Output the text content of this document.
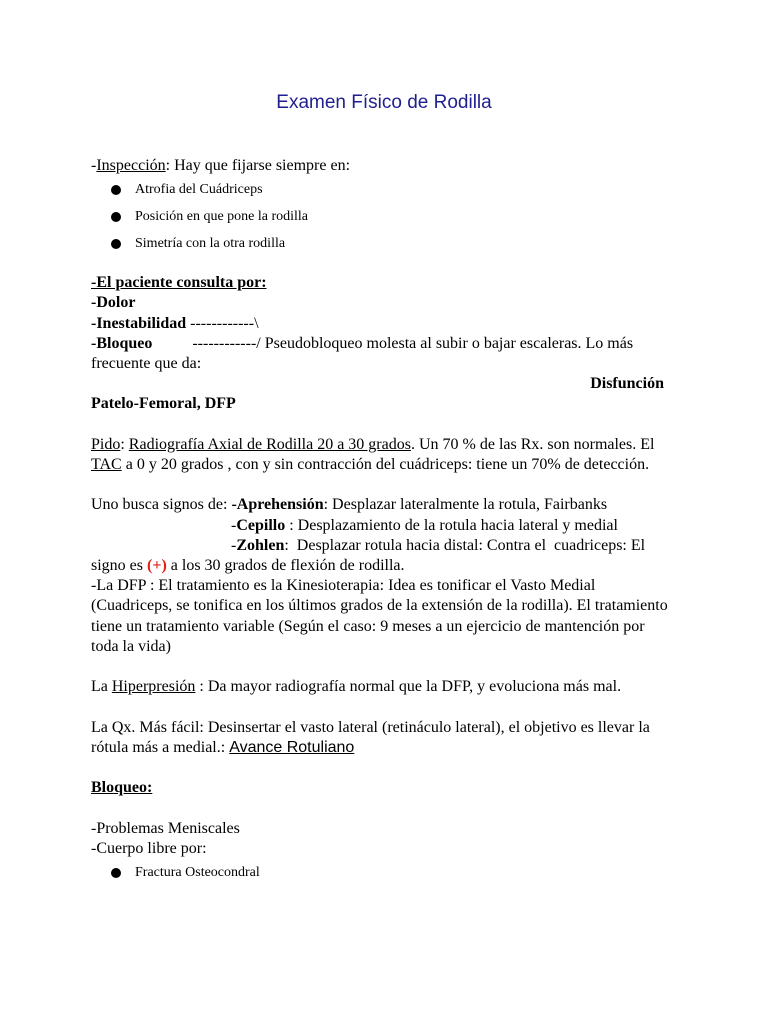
Examen Físico de Rodilla

-Inspección: Hay que fijarse siempre en:

Atrofia del Cuádriceps
Posición en que pone la rodilla
Simetría con la otra rodilla

-El paciente consulta por:

-Dolor

-Inestabilidad ------------\

-Bloqueo          ------------/ Pseudobloqueo molesta al subir o bajar escaleras. Lo más frecuente que da:

Disfunción

Patelo-Femoral, DFP

Pido: Radiografía Axial de Rodilla 20 a 30 grados. Un 70 % de las Rx. son normales. El TAC a 0 y 20 grados , con y sin contracción del cuádriceps: tiene un 70% de detección.

Uno busca signos de: -Aprehensión: Desplazar lateralmente la rotula, Fairbanks

-Cepillo : Desplazamiento de la rotula hacia lateral y medial

-Zohlen:  Desplazar rotula hacia distal: Contra el  cuadriceps: El

signo es (+) a los 30 grados de flexión de rodilla.

-La DFP : El tratamiento es la Kinesioterapia: Idea es tonificar el Vasto Medial (Cuadriceps, se tonifica en los últimos grados de la extensión de la rodilla). El tratamiento tiene un tratamiento variable (Según el caso: 9 meses a un ejercicio de mantención por toda la vida)

La Hiperpresión : Da mayor radiografía normal que la DFP, y evoluciona más mal.

La Qx. Más fácil: Desinsertar el vasto lateral (retináculo lateral), el objetivo es llevar la rótula más a medial.: Avance Rotuliano

Bloqueo:

-Problemas Meniscales

-Cuerpo libre por:

Fractura Osteocondral
